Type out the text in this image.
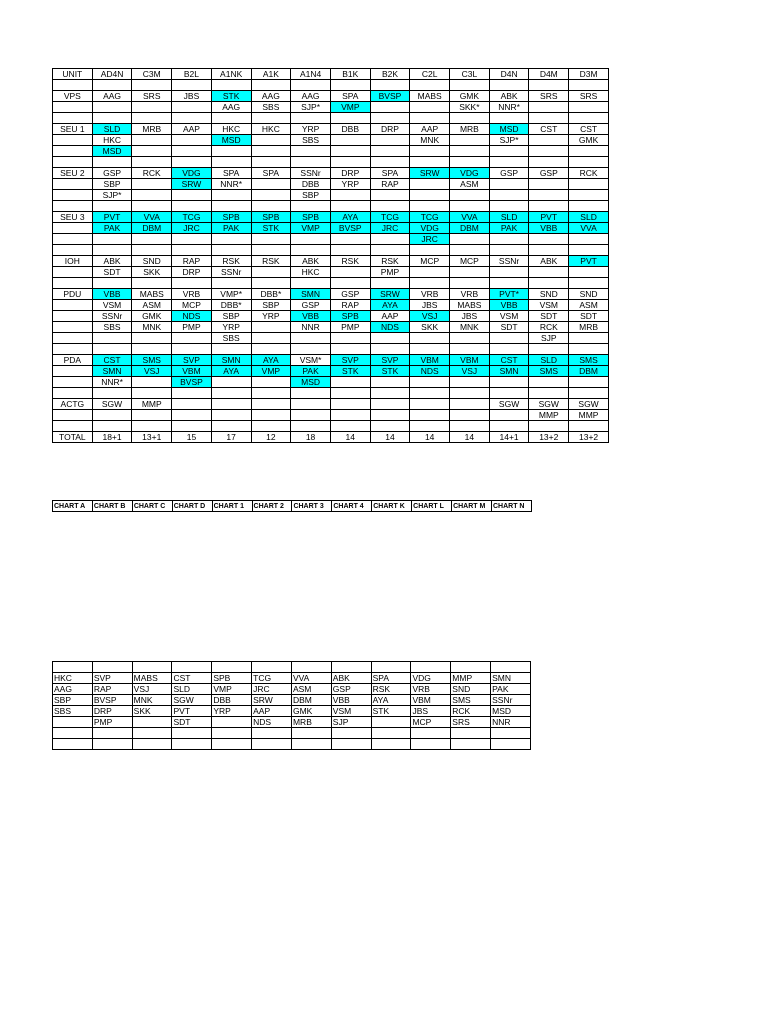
UNIT	AD4N	C3M	B2L	A1NK	A1K	A1N4	B1K	B2K	C2L	C3L	D4N	D4M	D3M

VPS	AAG	SRS	JBS	STK	AAG	AAG	SPA	BVSP	MABS	GMK	ABK	SRS	SRS
				AAG	SBS	SJP*	VMP			SKK*	NNR*		

SEU 1	SLD	MRB	AAP	HKC	HKC	YRP	DBB	DRP	AAP	MRB	MSD	CST	CST
	HKC			MSD		SBS			MNK		SJP*		GMK
	MSD												

SEU 2	GSP	RCK	VDG	SPA	SPA	SSNr	DRP	SPA	SRW	VDG	GSP	GSP	RCK
	SBP		SRW	NNR*		DBB	YRP	RAP		ASM			
	SJP*					SBP							

SEU 3	PVT	VVA	TCG	SPB	SPB	SPB	AYA	TCG	TCG	VVA	SLD	PVT	SLD
	PAK	DBM	JRC	PAK	STK	VMP	BVSP	JRC	VDG	DBM	PAK	VBB	VVA
									JRC				

IOH	ABK	SND	RAP	RSK	RSK	ABK	RSK	RSK	MCP	MCP	SSNr	ABK	PVT
	SDT	SKK	DRP	SSNr		HKC		PMP					

PDU	VBB	MABS	VRB	VMP*	DBB*	SMN	GSP	SRW	VRB	VRB	PVT*	SND	SND
	VSM	ASM	MCP	DBB*	SBP	GSP	RAP	AYA	JBS	MABS	VBB	VSM	ASM
	SSNr	GMK	NDS	SBP	YRP	VBB	SPB	AAP	VSJ	JBS	VSM	SDT	SDT
	SBS	MNK	PMP	YRP		NNR	PMP	NDS	SKK	MNK	SDT	RCK	MRB
				SBS								SJP	

PDA	CST	SMS	SVP	SMN	AYA	VSM*	SVP	SVP	VBM	VBM	CST	SLD	SMS
	SMN	VSJ	VBM	AYA	VMP	PAK	STK	STK	NDS	VSJ	SMN	SMS	DBM
	NNR*		BVSP			MSD							

ACTG	SGW	MMP									SGW	SGW	SGW
												MMP	MMP

TOTAL	18+1	13+1	15	17	12	18	14	14	14	14	14+1	13+2	13+2
CHART A	CHART B	CHART C	CHART D	CHART 1	CHART 2	CHART 3	CHART 4	CHART K	CHART L	CHART M	CHART N

HKC	SVP	MABS	CST	SPB	TCG	VVA	ABK	SPA	VDG	MMP	SMN
AAG	RAP	VSJ	SLD	VMP	JRC	ASM	GSP	RSK	VRB	SND	PAK
SBP	BVSP	MNK	SGW	DBB	SRW	DBM	VBB	AYA	VBM	SMS	SSNr
SBS	DRP	SKK	PVT	YRP	AAP	GMK	VSM	STK	JBS	RCK	MSD
	PMP		SDT		NDS	MRB	SJP		MCP	SRS	NNR
